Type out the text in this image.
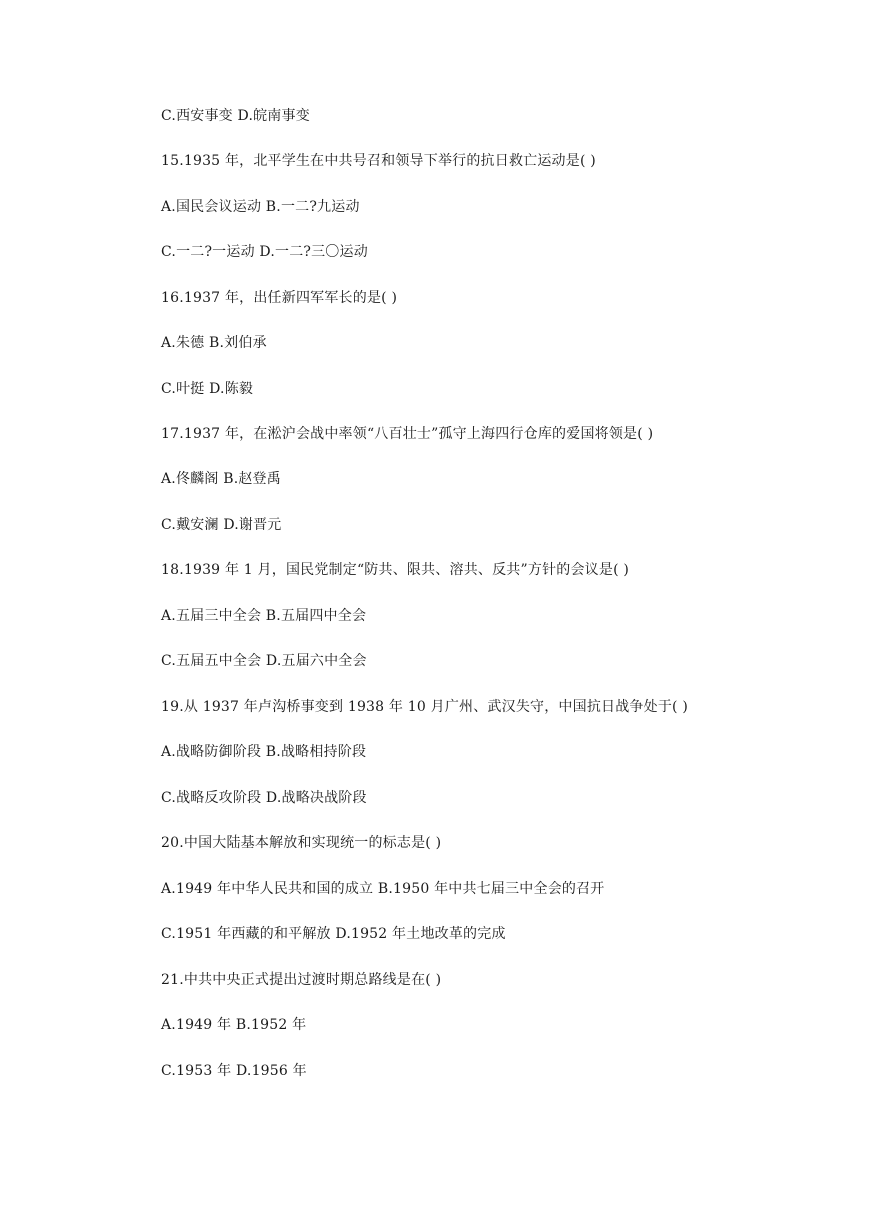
C.西安事变 D.皖南事变
15.1935 年，北平学生在中共号召和领导下举行的抗日救亡运动是( )
A.国民会议运动 B.一二?九运动
C.一二?一运动 D.一二?三〇运动
16.1937 年，出任新四军军长的是( )
A.朱德 B.刘伯承
C.叶挺 D.陈毅
17.1937 年，在淞沪会战中率领“八百壮士”孤守上海四行仓库的爱国将领是( )
A.佟麟阁 B.赵登禹
C.戴安澜 D.谢晋元
18.1939 年 1 月，国民党制定“防共、限共、溶共、反共”方针的会议是( )
A.五届三中全会 B.五届四中全会
C.五届五中全会 D.五届六中全会
19.从 1937 年卢沟桥事变到 1938 年 10 月广州、武汉失守，中国抗日战争处于( )
A.战略防御阶段 B.战略相持阶段
C.战略反攻阶段 D.战略决战阶段
20.中国大陆基本解放和实现统一的标志是( )
A.1949 年中华人民共和国的成立 B.1950 年中共七届三中全会的召开
C.1951 年西藏的和平解放 D.1952 年土地改革的完成
21.中共中央正式提出过渡时期总路线是在( )
A.1949 年 B.1952 年
C.1953 年 D.1956 年
